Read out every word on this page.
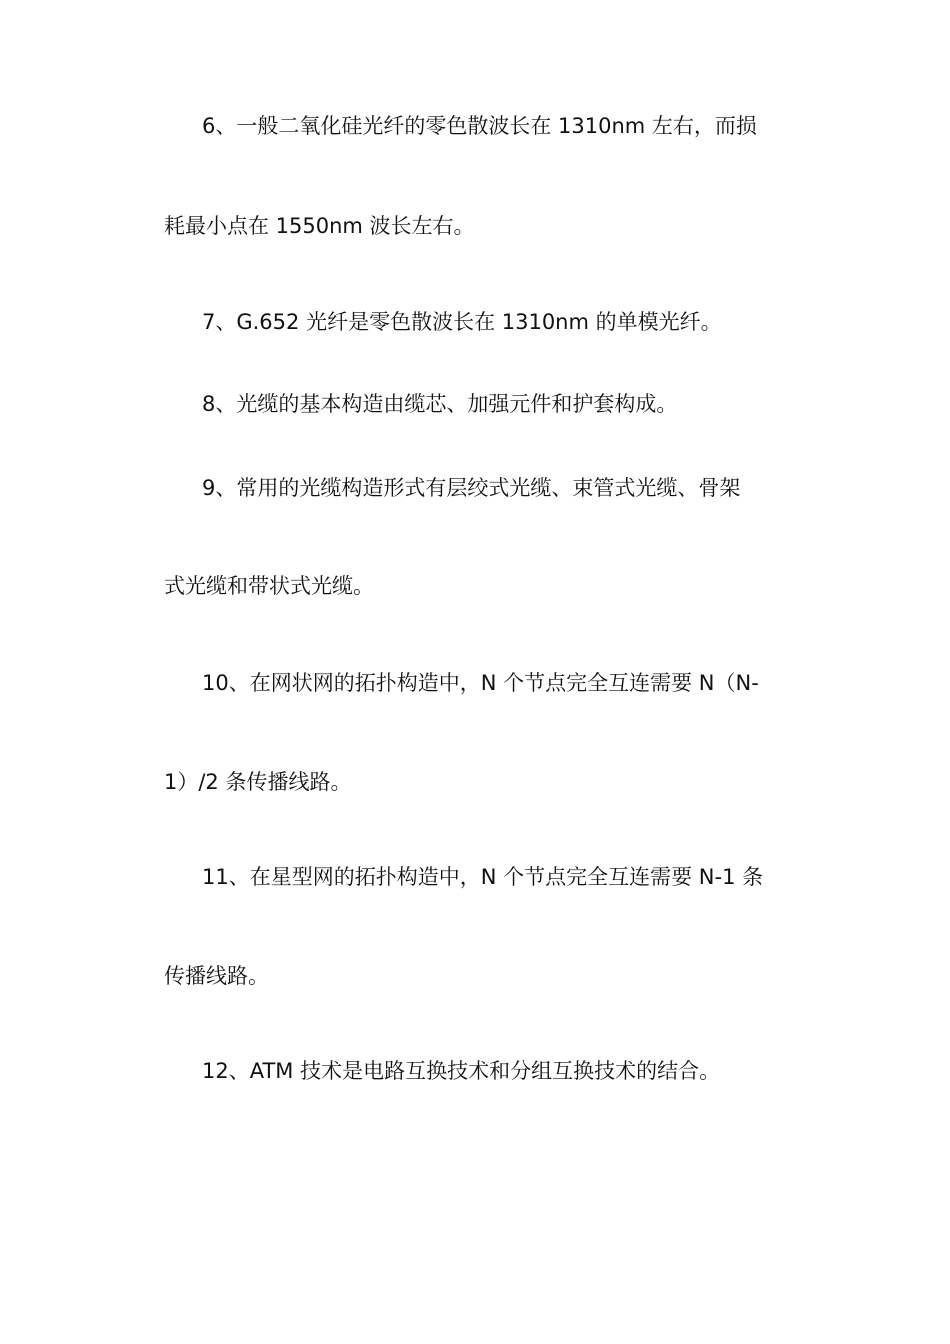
6、一般二氧化硅光纤的零色散波长在 1310nm 左右，而损
耗最小点在 1550nm 波长左右。
7、G.652 光纤是零色散波长在 1310nm 的单模光纤。
8、光缆的基本构造由缆芯、加强元件和护套构成。
9、常用的光缆构造形式有层绞式光缆、束管式光缆、骨架
式光缆和带状式光缆。
10、在网状网的拓扑构造中，N 个节点完全互连需要 N（N-
1）/2 条传播线路。
11、在星型网的拓扑构造中，N 个节点完全互连需要 N-1 条
传播线路。
12、ATM 技术是电路互换技术和分组互换技术的结合。
